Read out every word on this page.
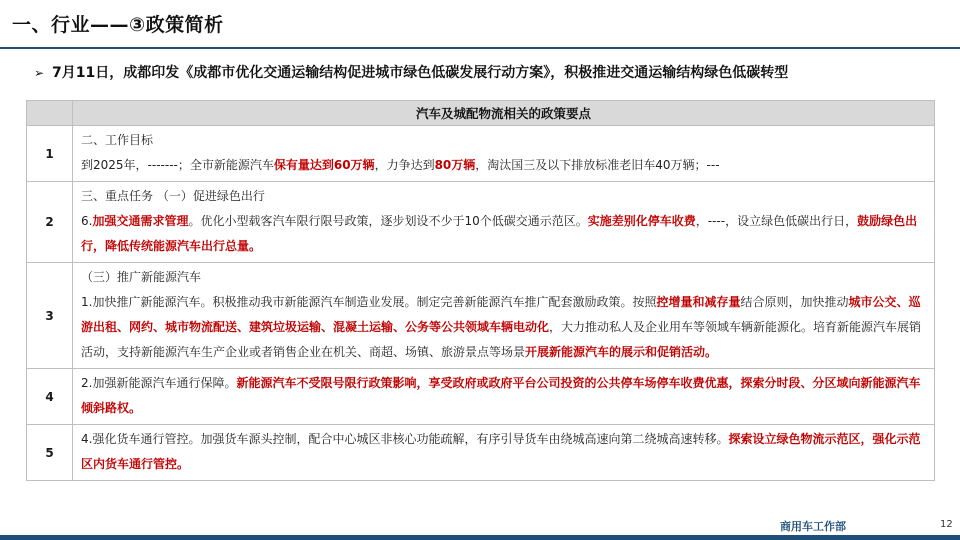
一、行业——③政策简析
➢ 7月11日，成都印发《成都市优化交通运输结构促进城市绿色低碳发展行动方案》，积极推进交通运输结构绿色低碳转型
	汽车及城配物流相关的政策要点
1	二、工作目标
到2025年，-------；全市新能源汽车保有量达到60万辆，力争达到80万辆，淘汰国三及以下排放标准老旧车40万辆；---

2	三、重点任务 （一）促进绿色出行
6.加强交通需求管理。优化小型载客汽车限行限号政策，逐步划设不少于10个低碳交通示范区。实施差别化停车收费，----，设立绿色低碳出行日，鼓励绿色出行，降低传统能源汽车出行总量。

3	（三）推广新能源汽车
1.加快推广新能源汽车。积极推动我市新能源汽车制造业发展。制定完善新能源汽车推广配套激励政策。按照控增量和减存量结合原则，加快推动城市公交、巡游出租、网约、城市物流配送、建筑垃圾运输、混凝土运输、公务等公共领域车辆电动化，大力推动私人及企业用车等领域车辆新能源化。培育新能源汽车展销活动，支持新能源汽车生产企业或者销售企业在机关、商超、场镇、旅游景点等场景开展新能源汽车的展示和促销活动。

4	2.加强新能源汽车通行保障。新能源汽车不受限号限行政策影响，享受政府或政府平台公司投资的公共停车场停车收费优惠，探索分时段、分区域向新能源汽车倾斜路权。

5	4.强化货车通行管控。加强货车源头控制，配合中心城区非核心功能疏解，有序引导货车由绕城高速向第二绕城高速转移。探索设立绿色物流示范区，强化示范区内货车通行管控。
商用车工作部	12
